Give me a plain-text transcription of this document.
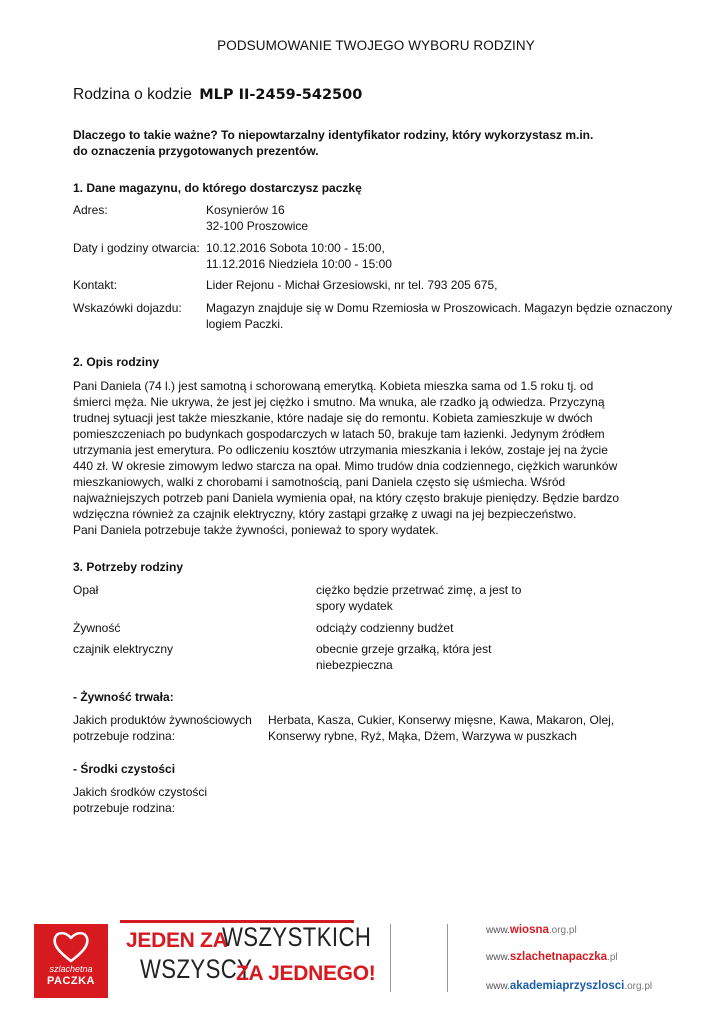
PODSUMOWANIE TWOJEGO WYBORU RODZINY
Rodzina o kodzie MLP II-2459-542500
Dlaczego to takie ważne? To niepowtarzalny identyfikator rodziny, który wykorzystasz m.in.
do oznaczenia przygotowanych prezentów.
1. Dane magazynu, do którego dostarczysz paczkę
Adres:	Kosynierów 16
32-100 Proszowice
Daty i godziny otwarcia: 10.12.2016 Sobota 10:00 - 15:00,
11.12.2016 Niedziela 10:00 - 15:00
Kontakt:	Lider Rejonu - Michał Grzesiowski, nr tel. 793 205 675,
Wskazówki dojazdu: Magazyn znajduje się w Domu Rzemiosła w Proszowicach. Magazyn będzie oznaczony
logiem Paczki.
2. Opis rodziny
Pani Daniela (74 l.) jest samotną i schorowaną emerytką. Kobieta mieszka sama od 1.5 roku tj. od
śmierci męża. Nie ukrywa, że jest jej ciężko i smutno. Ma wnuka, ale rzadko ją odwiedza. Przyczyną
trudnej sytuacji jest także mieszkanie, które nadaje się do remontu. Kobieta zamieszkuje w dwóch
pomieszczeniach po budynkach gospodarczych w latach 50, brakuje tam łazienki. Jedynym źródłem
utrzymania jest emerytura. Po odliczeniu kosztów utrzymania mieszkania i leków, zostaje jej na życie
440 zł. W okresie zimowym ledwo starcza na opał. Mimo trudów dnia codziennego, ciężkich warunków
mieszkaniowych, walki z chorobami i samotnością, pani Daniela często się uśmiecha. Wśród
najważniejszych potrzeb pani Daniela wymienia opał, na który często brakuje pieniędzy. Będzie bardzo
wdzięczna również za czajnik elektryczny, który zastąpi grzałkę z uwagi na jej bezpieczeństwo.
Pani Daniela potrzebuje także żywności, ponieważ to spory wydatek.
3. Potrzeby rodziny
Opał	ciężko będzie przetrwać zimę, a jest to
spory wydatek
Żywność	odciąży codzienny budżet
czajnik elektryczny	obecnie grzeje grzałką, która jest
niebezpieczna
- Żywność trwała:
Jakich produktów żywnościowych
potrzebuje rodzina:
Herbata, Kasza, Cukier, Konserwy mięsne, Kawa, Makaron, Olej,
Konserwy rybne, Ryż, Mąka, Dżem, Warzywa w puszkach
- Środki czystości
Jakich środków czystości
potrzebuje rodzina:
szlachetna
PACZKA
JEDEN ZA
WSZYSTKICH
WSZYSCY
ZA JEDNEGO!
www.wiosna.org.pl
www.szlachetnapaczka.pl
www.akademiaprzyszlosci.org.pl
